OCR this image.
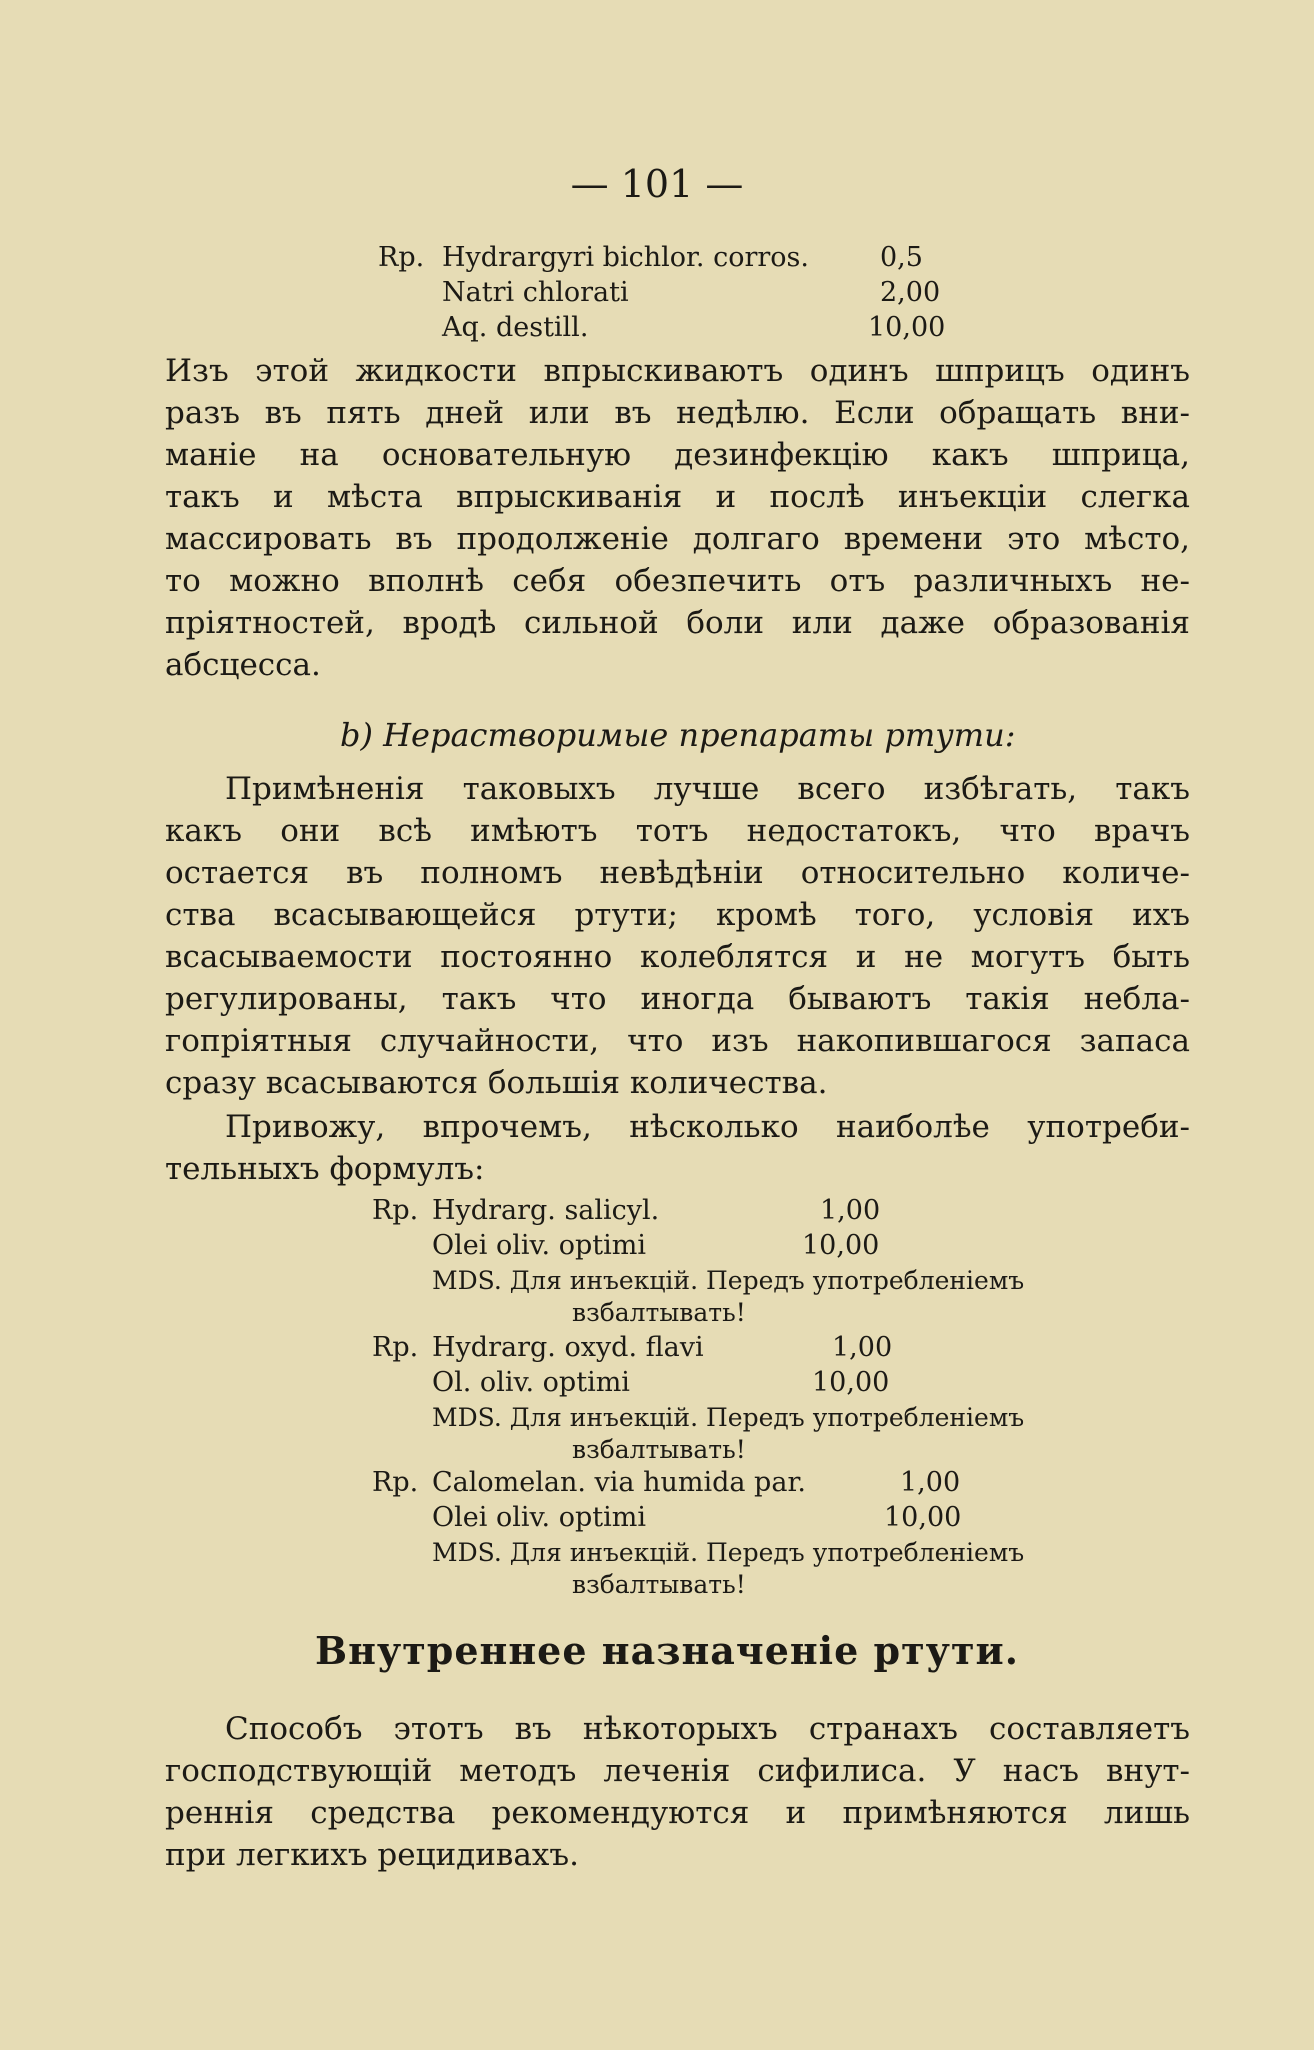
— 101 —
Rp. Hydrargyri bichlor. corros.	0,5
Natri chlorati	2,00
Aq. destill.	10,00
Изъ этой жидкости впрыскиваютъ одинъ шприцъ одинъ
разъ въ пять дней или въ недѣлю. Если обращать вни-
маніе на основательную дезинфекцію какъ шприца,
такъ и мѣста впрыскиванія и послѣ инъекціи слегка
массировать въ продолженіе долгаго времени это мѣсто,
то можно вполнѣ себя обезпечить отъ различныхъ не-
пріятностей, вродѣ сильной боли или даже образованія
абсцесса.
b) Нерастворимые препараты ртути:
Примѣненія таковыхъ лучше всего избѣгать, такъ
какъ они всѣ имѣютъ тотъ недостатокъ, что врачъ
остается въ полномъ невѣдѣніи относительно количе-
ства всасывающейся ртути; кромѣ того, условія ихъ
всасываемости постоянно колеблятся и не могутъ быть
регулированы, такъ что иногда бываютъ такія небла-
гопріятныя случайности, что изъ накопившагося запаса
сразу всасываются большія количества.
Привожу, впрочемъ, нѣсколько наиболѣе употреби-
тельныхъ формулъ:
Rp. Hydrarg. salicyl.	1,00
Olei oliv. optimi	10,00
MDS. Для инъекцій. Передъ употребленіемъ
взбалтывать!
Rp. Hydrarg. oxyd. flavi	1,00
Ol. oliv. optimi	10,00
MDS. Для инъекцій. Передъ употребленіемъ
взбалтывать!
Rp. Calomelan. via humida par.	1,00
Olei oliv. optimi	10,00
MDS. Для инъекцій. Передъ употребленіемъ
взбалтывать!
Внутреннее назначеніе ртути.
Способъ этотъ въ нѣкоторыхъ странахъ составляетъ
господствующій методъ леченія сифилиса. У насъ внут-
реннія средства рекомендуются и примѣняются лишь
при легкихъ рецидивахъ.
